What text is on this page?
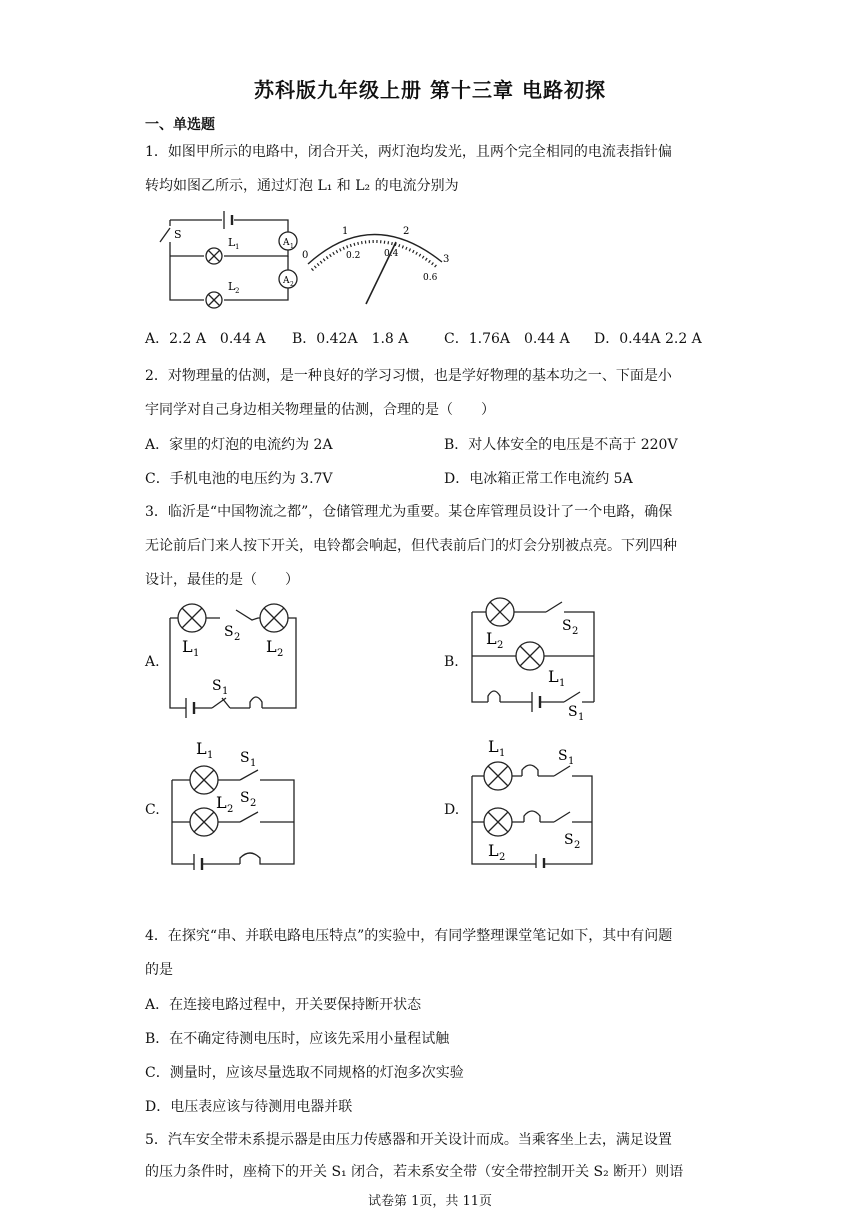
苏科版九年级上册 第十三章 电路初探
一、单选题
1．如图甲所示的电路中，闭合开关，两灯泡均发光，且两个完全相同的电流表指针偏
转均如图乙所示，通过灯泡 L₁ 和 L₂ 的电流分别为
S
L 1
L 2
A 1
A 2
0
1	2
3
0.2	0.4
0.6
A．2.2 A　0.44 A B．0.42A　1.8 A	C．1.76A　0.44 A D．0.44A 2.2 A
2．对物理量的估测，是一种良好的学习习惯，也是学好物理的基本功之一、下面是小
宇同学对自己身边相关物理量的估测，合理的是（　　）
A．家里的灯泡的电流约为 2A	B．对人体安全的电压是不高于 220V
C．手机电池的电压约为 3.7V	D．电冰箱正常工作电流约 5A
3．临沂是“中国物流之都”，仓储管理尤为重要。某仓库管理员设计了一个电路，确保
无论前后门来人按下开关，电铃都会响起，但代表前后门的灯会分别被点亮。下列四种
设计，最佳的是（　　）
A.	B.
C.	D.
L 1
S 2 L 2
S 1
L 2
S 2
L 1
S 1
L 1 S 1
L 2
S 2
L 1	S 1
L 2
S 2
4．在探究“串、并联电路电压特点”的实验中，有同学整理课堂笔记如下，其中有问题
的是
A．在连接电路过程中，开关要保持断开状态
B．在不确定待测电压时，应该先采用小量程试触
C．测量时，应该尽量选取不同规格的灯泡多次实验
D．电压表应该与待测用电器并联
5．汽车安全带未系提示器是由压力传感器和开关设计而成。当乘客坐上去，满足设置
的压力条件时，座椅下的开关 S₁ 闭合，若未系安全带（安全带控制开关 S₂ 断开）则语
试卷第 1页，共 11页
